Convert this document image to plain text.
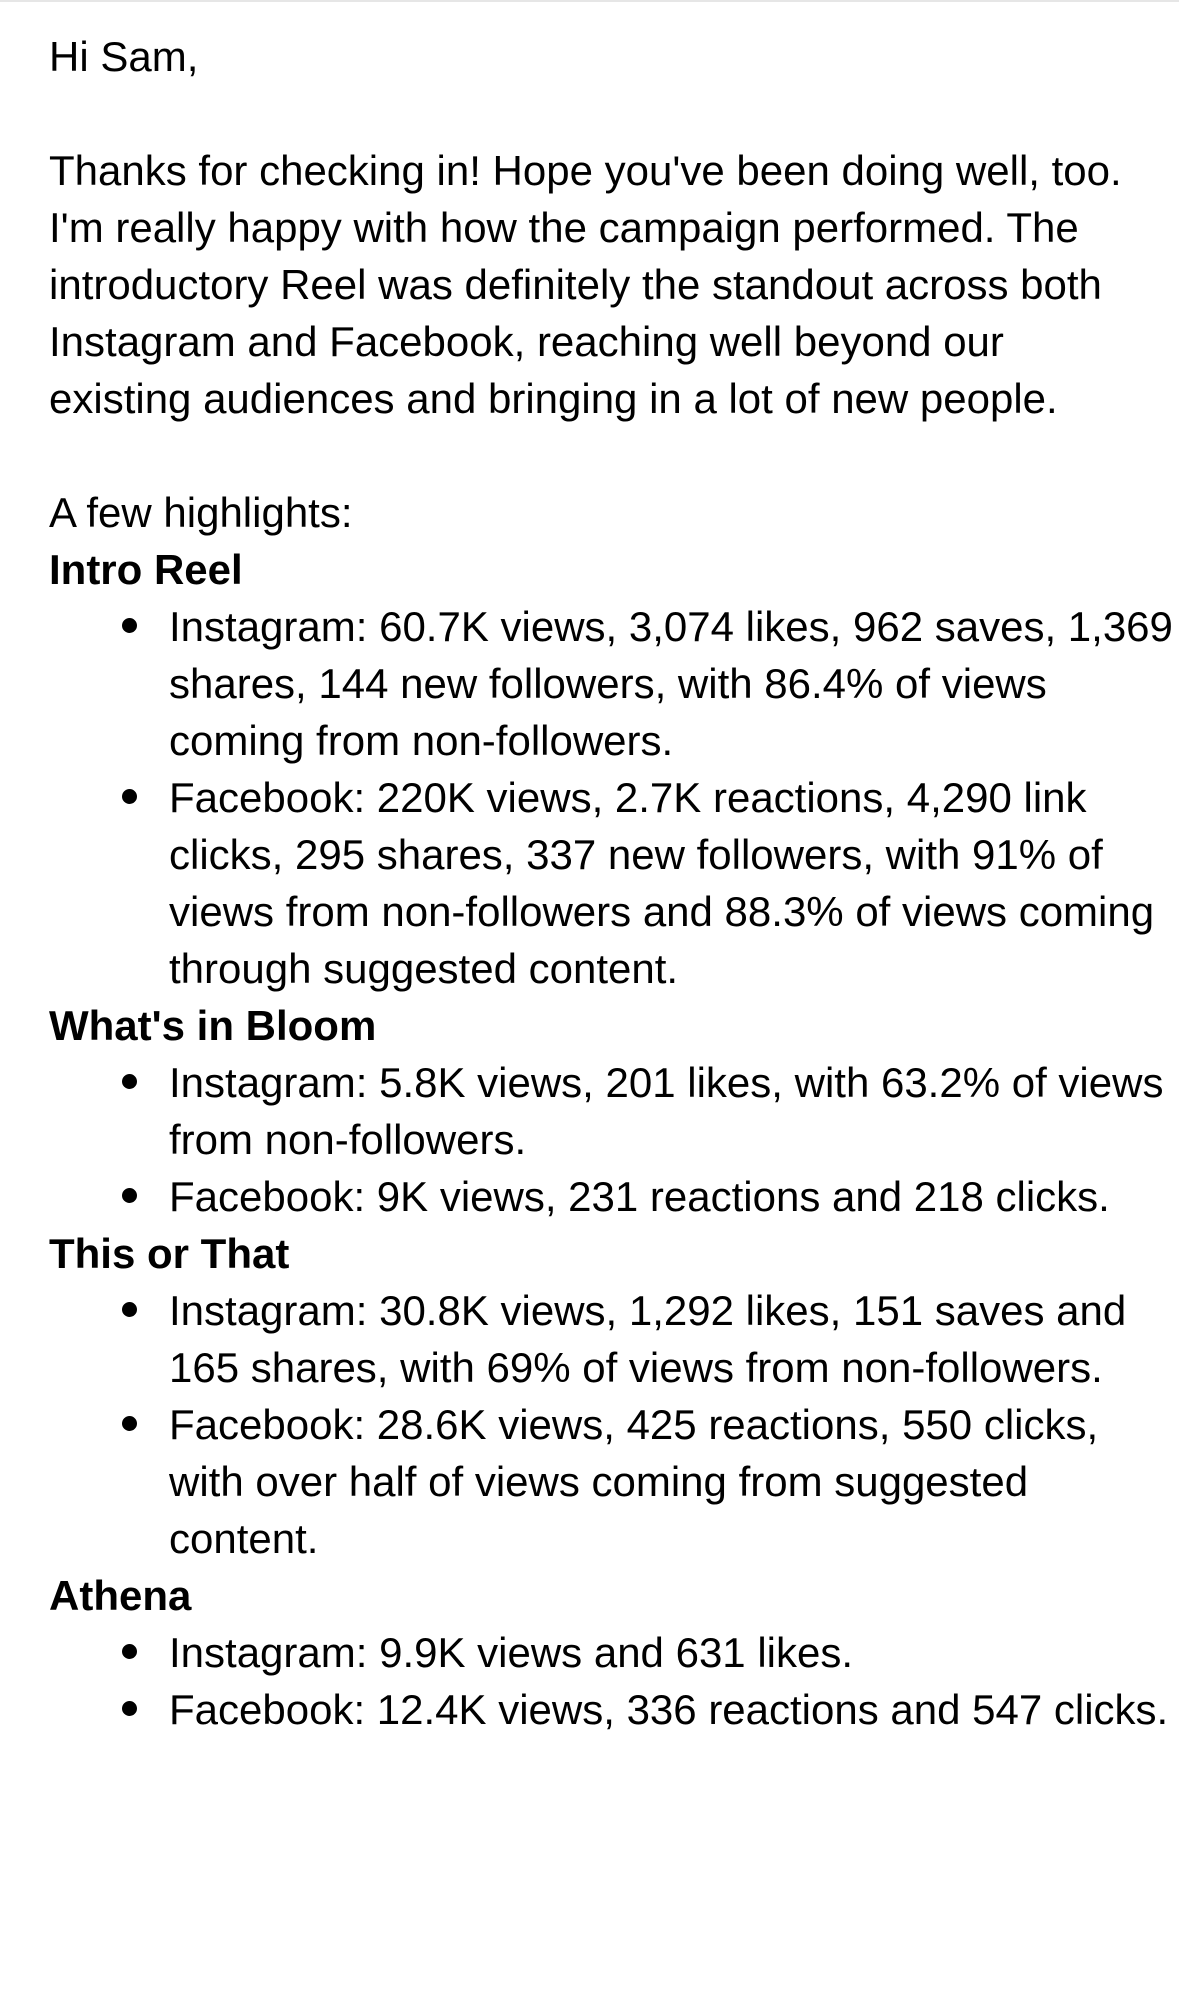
Hi Sam,

Thanks for checking in! Hope you've been doing well, too. I'm really happy with how the campaign performed. The introductory Reel was definitely the standout across both Instagram and Facebook, reaching well beyond our existing audiences and bringing in a lot of new people.

A few highlights:

Intro Reel

Instagram: 60.7K views, 3,074 likes, 962 saves, 1,369 shares, 144 new followers, with 86.4% of views coming from non-followers.
Facebook: 220K views, 2.7K reactions, 4,290 link clicks, 295 shares, 337 new followers, with 91% of views from non-followers and 88.3% of views coming through suggested content.

What's in Bloom

Instagram: 5.8K views, 201 likes, with 63.2% of views from non-followers.
Facebook: 9K views, 231 reactions and 218 clicks.

This or That

Instagram: 30.8K views, 1,292 likes, 151 saves and 165 shares, with 69% of views from non-followers.
Facebook: 28.6K views, 425 reactions, 550 clicks, with over half of views coming from suggested content.

Athena

Instagram: 9.9K views and 631 likes.
Facebook: 12.4K views, 336 reactions and 547 clicks.
